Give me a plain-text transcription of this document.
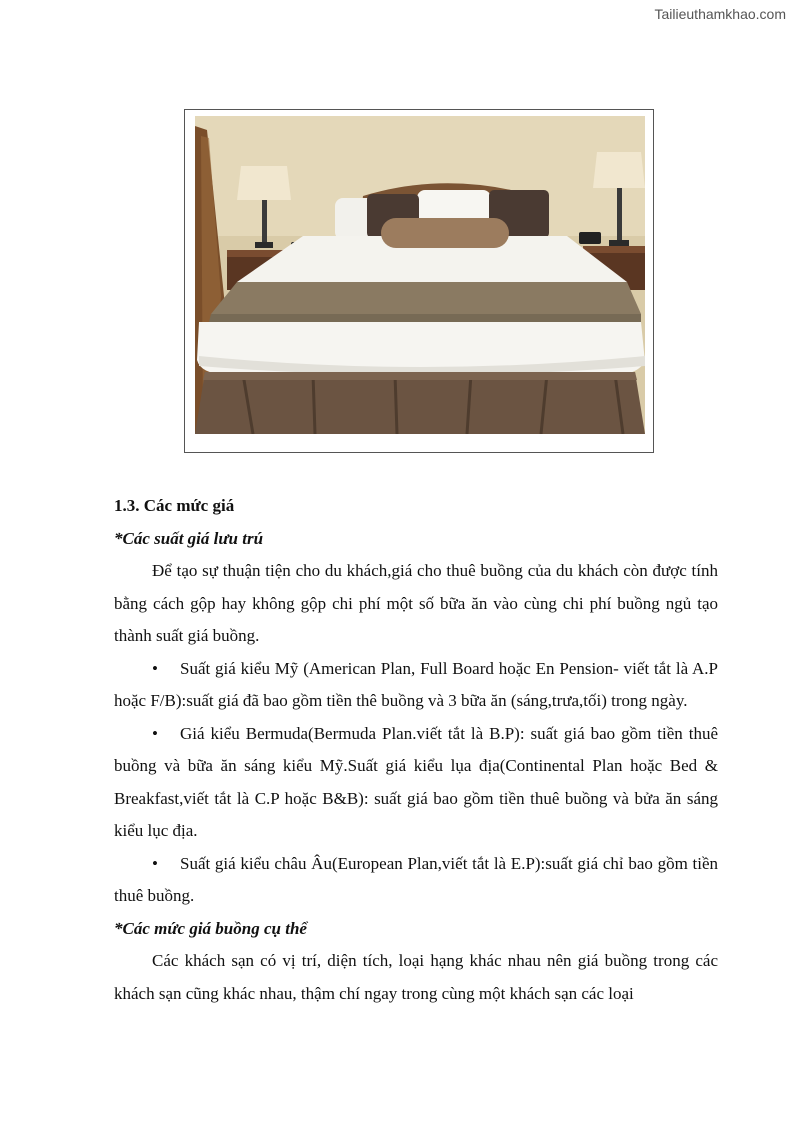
Tailieuthamkhao.com

1.3. Các mức giá

*Các suất giá lưu trú

Để tạo sự thuận tiện cho du khách,giá cho thuê buồng của du khách còn được tính bằng cách gộp hay không gộp chi phí một số bữa ăn vào cùng chi phí buồng ngủ tạo thành suất giá buồng.

• Suất giá kiểu Mỹ (American Plan, Full Board hoặc En Pension- viết tắt là A.P hoặc F/B):suất giá đã bao gồm tiền thê buồng và 3 bữa ăn (sáng,trưa,tối) trong ngày.

• Giá kiểu Bermuda(Bermuda Plan.viết tắt là B.P): suất giá bao gồm tiền thuê buồng và bữa ăn sáng kiểu Mỹ.Suất giá kiểu lụa địa(Continental Plan hoặc Bed & Breakfast,viết tắt là C.P hoặc B&B): suất giá bao gồm tiền thuê buồng và bửa ăn sáng kiểu lục địa.

• Suất giá kiểu châu Âu(European Plan,viết tắt là E.P):suất giá chỉ bao gồm tiền thuê buồng.

*Các mức giá buồng cụ thể

Các khách sạn có vị trí, diện tích, loại hạng khác nhau nên giá buồng trong các khách sạn cũng khác nhau, thậm chí ngay trong cùng một khách sạn các loại
